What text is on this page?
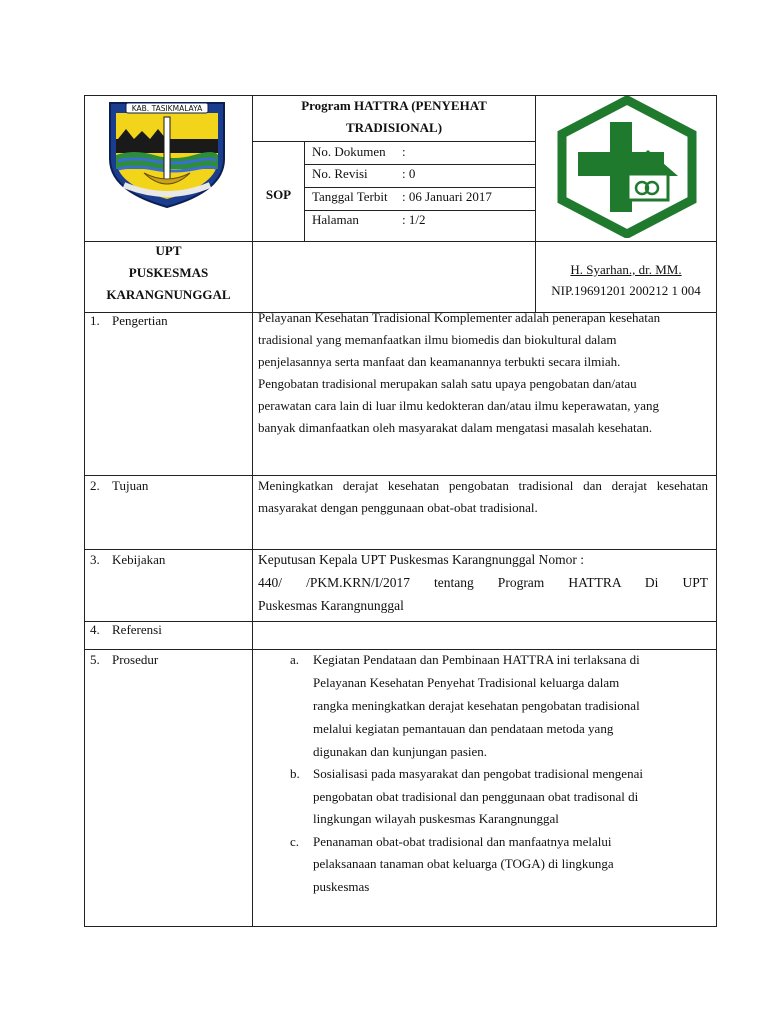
KAB. TASIKMALAYA	Program HATTRA (PENYEHAT
TRADISIONAL)
SOP
No. Dokumen :
No. Revisi	: 0
Tanggal Terbit : 06 Januari 2017
Halaman	: 1/2
UPT
PUSKESMAS
KARANGNUNGGAL
H. Syarhan., dr. MM.
NIP.19691201 200212 1 004
1. Pengertian	Pelayanan Kesehatan Tradisional Komplementer adalah penerapan kesehatan
tradisional yang memanfaatkan ilmu biomedis dan biokultural dalam
penjelasannya serta manfaat dan keamanannya terbukti secara ilmiah.
Pengobatan tradisional merupakan salah satu upaya pengobatan dan/atau
perawatan cara lain di luar ilmu kedokteran dan/atau ilmu keperawatan, yang
banyak dimanfaatkan oleh masyarakat dalam mengatasi masalah kesehatan.
2. Tujuan	Meningkatkan derajat kesehatan pengobatan tradisional dan derajat kesehatan
masyarakat dengan penggunaan obat-obat tradisional.
3. Kebijakan	Keputusan Kepala UPT Puskesmas Karangnunggal Nomor :
440/ /PKM.KRN/I/2017 tentang Program HATTRA Di UPT
Puskesmas Karangnunggal
4. Referensi
5. Prosedur	a. Kegiatan Pendataan dan Pembinaan HATTRA ini terlaksana di
Pelayanan Kesehatan Penyehat Tradisional keluarga dalam
rangka meningkatkan derajat kesehatan pengobatan tradisional
melalui kegiatan pemantauan dan pendataan metoda yang
digunakan dan kunjungan pasien.
b. Sosialisasi pada masyarakat dan pengobat tradisional mengenai
pengobatan obat tradisional dan penggunaan obat tradisonal di
lingkungan wilayah puskesmas Karangnunggal
c. Penanaman obat-obat tradisional dan manfaatnya melalui
pelaksanaan tanaman obat keluarga (TOGA) di lingkunga
puskesmas
